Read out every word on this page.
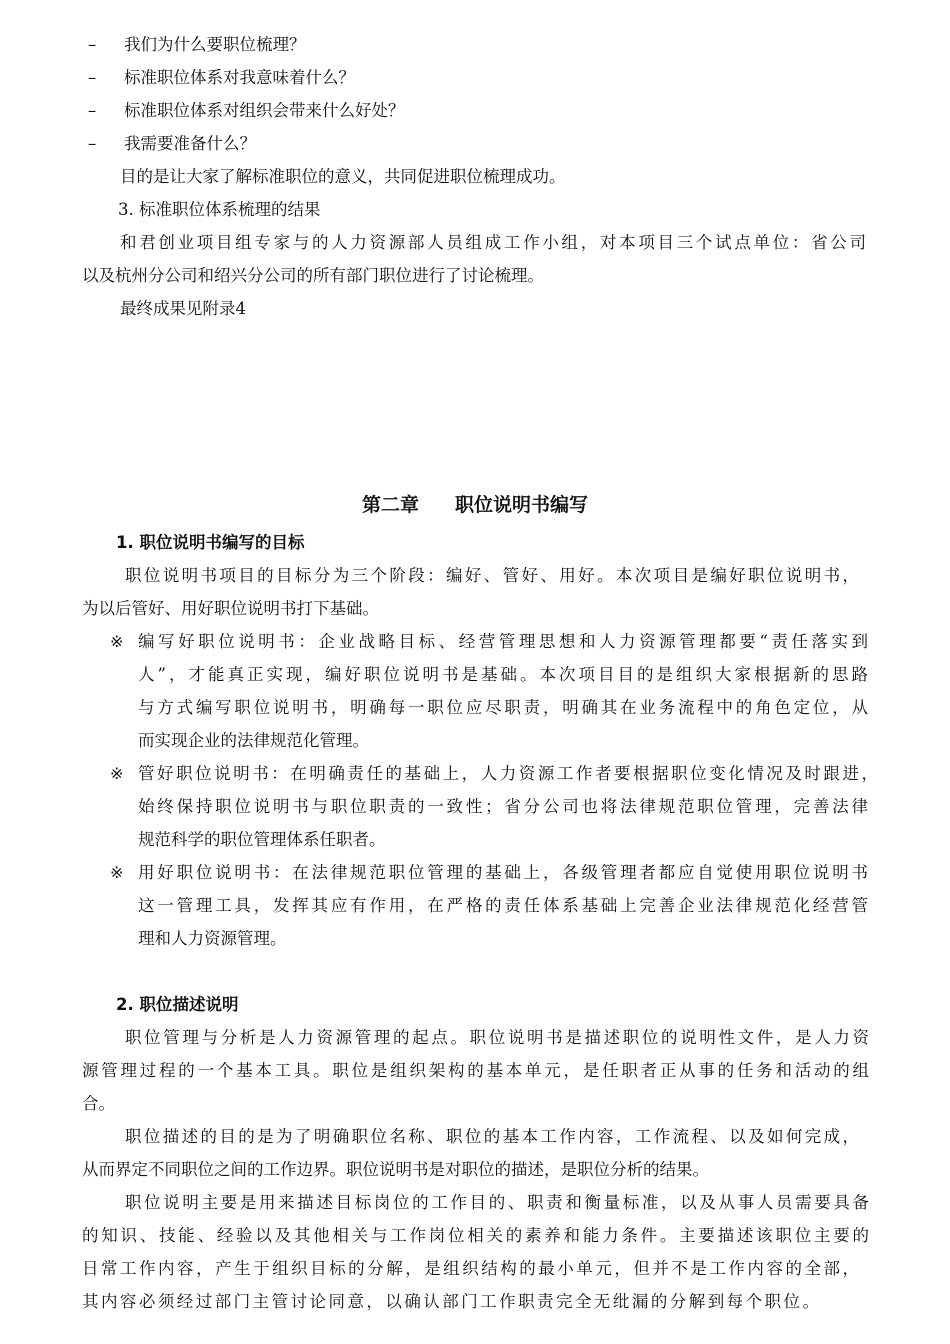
– 我们为什么要职位梳理？
– 标准职位体系对我意味着什么？
– 标准职位体系对组织会带来什么好处？
– 我需要准备什么？
目的是让大家了解标准职位的意义，共同促进职位梳理成功。
3. 标准职位体系梳理的结果
和君创业项目组专家与的人力资源部人员组成工作小组，对本项目三个试点单位：省公司
以及杭州分公司和绍兴分公司的所有部门职位进行了讨论梳理。
最终成果见附录4
第二章 职位说明书编写
1. 职位说明书编写的目标
职位说明书项目的目标分为三个阶段：编好、管好、用好。本次项目是编好职位说明书，
为以后管好、用好职位说明书打下基础。
※ 编写好职位说明书：企业战略目标、经营管理思想和人力资源管理都要“责任落实到
人”，才能真正实现，编好职位说明书是基础。本次项目目的是组织大家根据新的思路
与方式编写职位说明书，明确每一职位应尽职责，明确其在业务流程中的角色定位，从
而实现企业的法律规范化管理。
※ 管好职位说明书：在明确责任的基础上，人力资源工作者要根据职位变化情况及时跟进，
始终保持职位说明书与职位职责的一致性；省分公司也将法律规范职位管理，完善法律
规范科学的职位管理体系任职者。
※ 用好职位说明书：在法律规范职位管理的基础上，各级管理者都应自觉使用职位说明书
这一管理工具，发挥其应有作用，在严格的责任体系基础上完善企业法律规范化经营管
理和人力资源管理。
2. 职位描述说明
职位管理与分析是人力资源管理的起点。职位说明书是描述职位的说明性文件，是人力资
源管理过程的一个基本工具。职位是组织架构的基本单元，是任职者正从事的任务和活动的组
合。
职位描述的目的是为了明确职位名称、职位的基本工作内容，工作流程、以及如何完成，
从而界定不同职位之间的工作边界。职位说明书是对职位的描述，是职位分析的结果。
职位说明主要是用来描述目标岗位的工作目的、职责和衡量标准，以及从事人员需要具备
的知识、技能、经验以及其他相关与工作岗位相关的素养和能力条件。主要描述该职位主要的
日常工作内容，产生于组织目标的分解，是组织结构的最小单元，但并不是工作内容的全部，
其内容必须经过部门主管讨论同意，以确认部门工作职责完全无纰漏的分解到每个职位。
